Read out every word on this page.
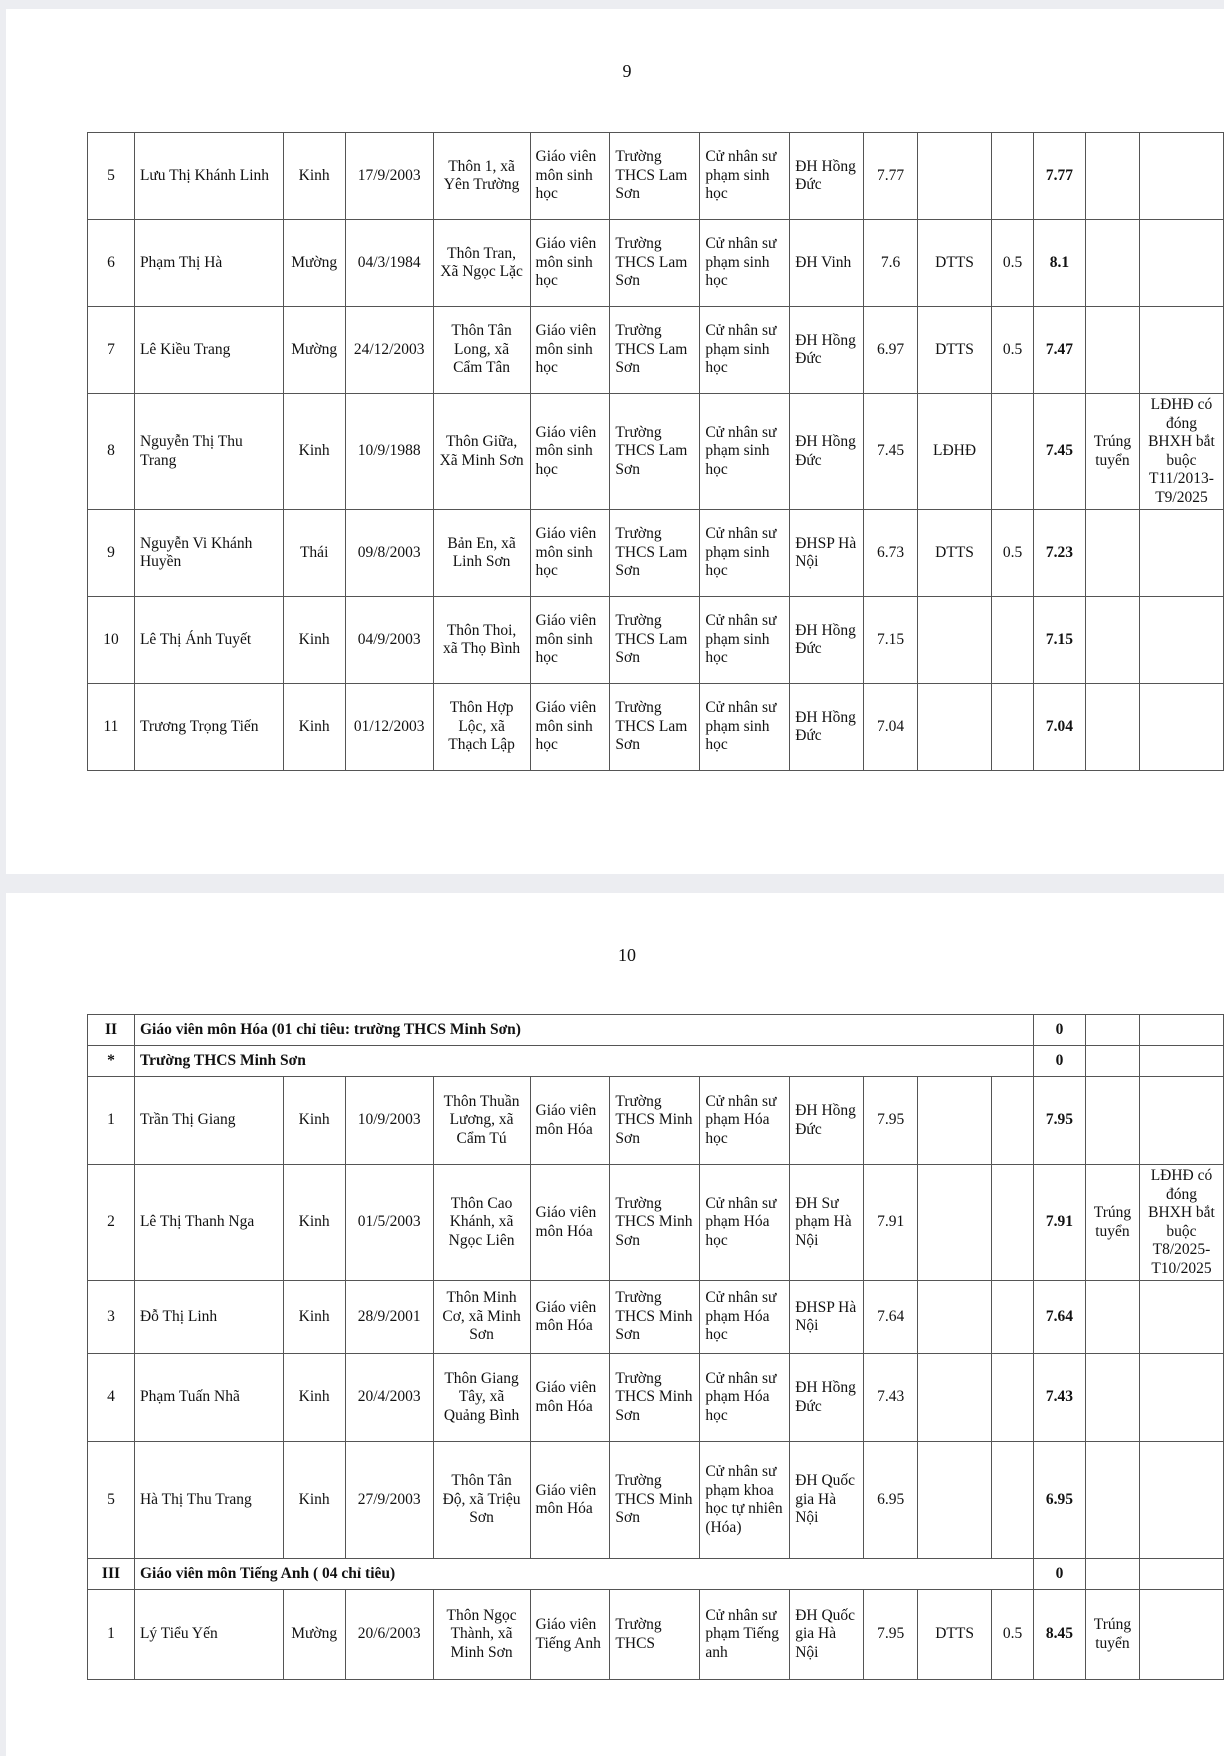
9
5	Lưu Thị Khánh Linh	Kinh	17/9/2003	Thôn 1, xã Yên Trường	Giáo viên môn sinh học	Trường THCS Lam Sơn	Cử nhân sư phạm sinh học	ĐH Hồng Đức	7.77			7.77		
6	Phạm Thị Hà	Mường	04/3/1984	Thôn Tran, Xã Ngọc Lặc	Giáo viên môn sinh học	Trường THCS Lam Sơn	Cử nhân sư phạm sinh học	ĐH Vinh	7.6	DTTS	0.5	8.1		
7	Lê Kiều Trang	Mường	24/12/2003	Thôn Tân Long, xã Cẩm Tân	Giáo viên môn sinh học	Trường THCS Lam Sơn	Cử nhân sư phạm sinh học	ĐH Hồng Đức	6.97	DTTS	0.5	7.47		
8	Nguyễn Thị Thu Trang	Kinh	10/9/1988	Thôn Giữa, Xã Minh Sơn	Giáo viên môn sinh học	Trường THCS Lam Sơn	Cử nhân sư phạm sinh học	ĐH Hồng Đức	7.45	LĐHĐ		7.45	Trúng tuyển	LĐHĐ có đóng BHXH bắt buộc T11/2013-T9/2025
9	Nguyễn Vi Khánh Huyền	Thái	09/8/2003	Bản En, xã Linh Sơn	Giáo viên môn sinh học	Trường THCS Lam Sơn	Cử nhân sư phạm sinh học	ĐHSP Hà Nội	6.73	DTTS	0.5	7.23		
10	Lê Thị Ánh Tuyết	Kinh	04/9/2003	Thôn Thoi, xã Thọ Bình	Giáo viên môn sinh học	Trường THCS Lam Sơn	Cử nhân sư phạm sinh học	ĐH Hồng Đức	7.15			7.15		
11	Trương Trọng Tiến	Kinh	01/12/2003	Thôn Hợp Lộc, xã Thạch Lập	Giáo viên môn sinh học	Trường THCS Lam Sơn	Cử nhân sư phạm sinh học	ĐH Hồng Đức	7.04			7.04		
10
II	Giáo viên môn Hóa (01 chỉ tiêu: trường THCS Minh Sơn)											0		
*	Trường THCS Minh Sơn											0		
1	Trần Thị Giang	Kinh	10/9/2003	Thôn Thuần Lương, xã Cẩm Tú	Giáo viên môn Hóa	Trường THCS Minh Sơn	Cử nhân sư phạm Hóa học	ĐH Hồng Đức	7.95			7.95		
2	Lê Thị Thanh Nga	Kinh	01/5/2003	Thôn Cao Khánh, xã Ngọc Liên	Giáo viên môn Hóa	Trường THCS Minh Sơn	Cử nhân sư phạm Hóa học	ĐH Sư phạm Hà Nội	7.91			7.91	Trúng tuyển	LĐHĐ có đóng BHXH bắt buộc T8/2025-T10/2025
3	Đỗ Thị Linh	Kinh	28/9/2001	Thôn Minh Cơ, xã Minh Sơn	Giáo viên môn Hóa	Trường THCS Minh Sơn	Cử nhân sư phạm Hóa học	ĐHSP Hà Nội	7.64			7.64		
4	Phạm Tuấn Nhã	Kinh	20/4/2003	Thôn Giang Tây, xã Quảng Bình	Giáo viên môn Hóa	Trường THCS Minh Sơn	Cử nhân sư phạm Hóa học	ĐH Hồng Đức	7.43			7.43		
5	Hà Thị Thu Trang	Kinh	27/9/2003	Thôn Tân Độ, xã Triệu Sơn	Giáo viên môn Hóa	Trường THCS Minh Sơn	Cử nhân sư phạm khoa học tự nhiên (Hóa)	ĐH Quốc gia Hà Nội	6.95			6.95		
III	Giáo viên môn Tiếng Anh ( 04 chỉ tiêu)											0		
1	Lý Tiểu Yến	Mường	20/6/2003	Thôn Ngọc Thành, xã Minh Sơn	Giáo viên Tiếng Anh	Trường THCS	Cử nhân sư phạm Tiếng anh	ĐH Quốc gia Hà Nội	7.95	DTTS	0.5	8.45	Trúng tuyển	
